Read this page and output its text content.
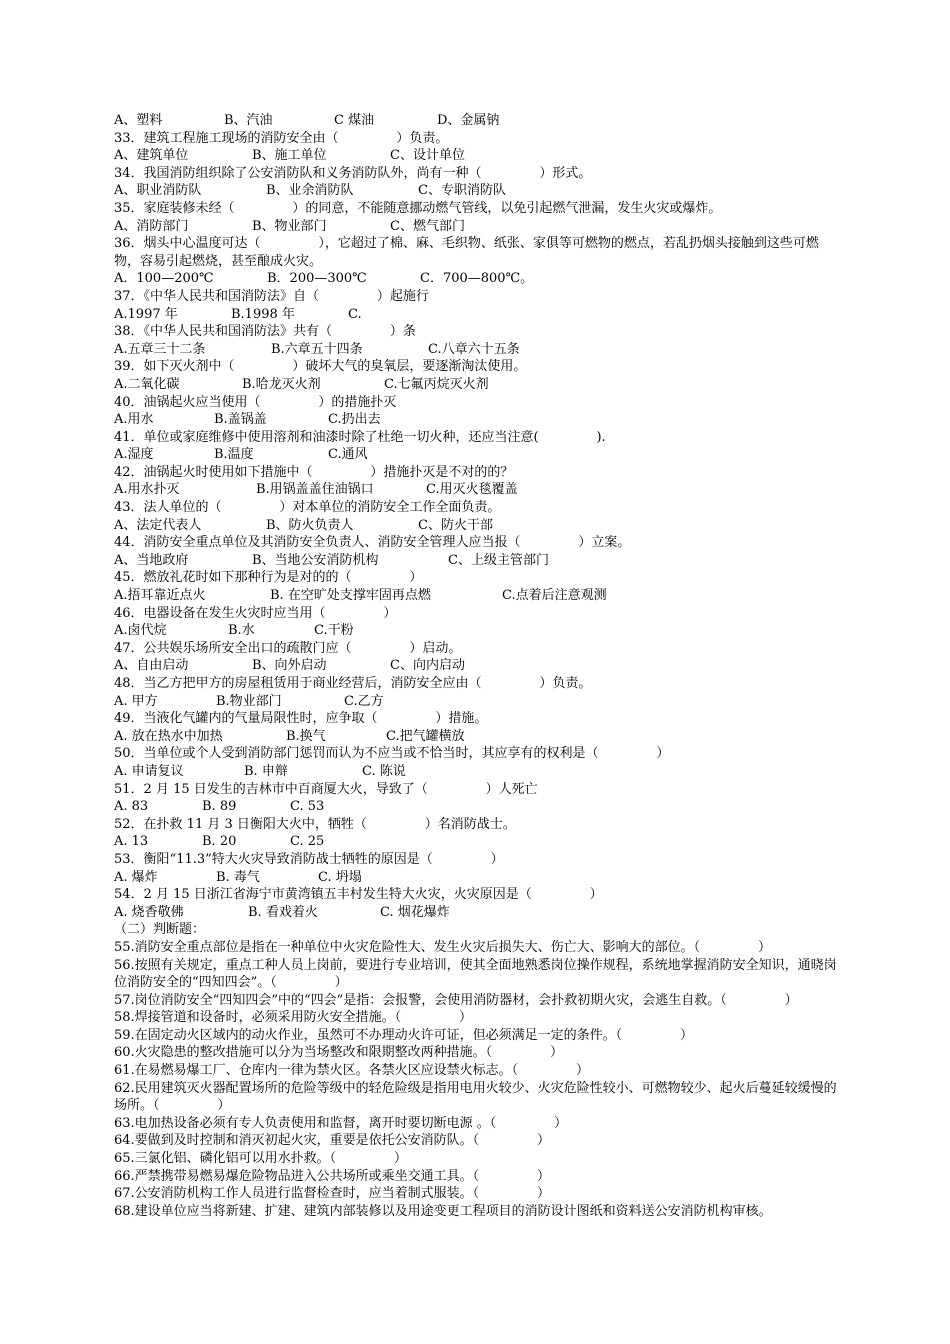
A、塑料	B、汽油	C 煤油	D、金属钠
33．建筑工程施工现场的消防安全由（              ）负责。
A、建筑单位	B、施工单位	C、设计单位
34．我国消防组织除了公安消防队和义务消防队外，尚有一种（              ）形式。
A、职业消防队	B、业余消防队	C、专职消防队
35．家庭装修未经（              ）的同意，不能随意挪动燃气管线，以免引起燃气泄漏，发生火灾或爆炸。
A、消防部门	B、物业部门	C、燃气部门
36．烟头中心温度可达（              ），它超过了棉、麻、毛织物、纸张、家俱等可燃物的燃点，若乱扔烟头接触到这些可燃物，容易引起燃烧，甚至酿成火灾。
A．100—200℃	B．200—300℃	C．700—800℃。
37．《中华人民共和国消防法》自（              ）起施行
A.1997 年	B.1998 年	C.
38．《中华人民共和国消防法》共有（              ）条
A.五章三十二条	B.六章五十四条	C.八章六十五条
39．如下灭火剂中（              ）破坏大气的臭氧层，要逐渐淘汰使用。
A.二氧化碳	B.哈龙灭火剂	C.七氟丙烷灭火剂
40．油锅起火应当使用（              ）的措施扑灭
A.用水	B.盖锅盖	C.扔出去
41．单位或家庭维修中使用溶剂和油漆时除了杜绝一切火种，还应当注意(              ).
A.湿度	B.温度	C.通风
42．油锅起火时使用如下措施中（              ）措施扑灭是不对的的？
A.用水扑灭	B.用锅盖盖住油锅口	C.用灭火毯覆盖
43．法人单位的（              ）对本单位的消防安全工作全面负责。
A、法定代表人	B、防火负责人	C、防火干部
44．消防安全重点单位及其消防安全负责人、消防安全管理人应当报（              ）立案。
A、当地政府	B、当地公安消防机构	C、上级主管部门
45．燃放礼花时如下那种行为是对的的（              ）
A.捂耳靠近点火	B. 在空旷处支撑牢固再点燃	C.点着后注意观测
46．电器设备在发生火灾时应当用（              ）
A.卤代烷	B.水	C.干粉
47．公共娱乐场所安全出口的疏散门应（              ）启动。
A、自由启动	B、向外启动	C、向内启动
48．当乙方把甲方的房屋租赁用于商业经营后，消防安全应由（              ）负责。
A. 甲方	B.物业部门	C.乙方
49．当液化气罐内的气量局限性时，应争取（              ）措施。
A. 放在热水中加热	B.换气	C.把气罐横放
50．当单位或个人受到消防部门惩罚而认为不应当或不恰当时，其应享有的权利是（              ）
A. 申请复议	B. 申辩	C. 陈说
51．2 月 15 日发生的吉林市中百商厦大火，导致了（              ）人死亡
A. 83	B. 89	C. 53
52．在扑救 11 月 3 日衡阳大火中，牺牲（              ）名消防战士。
A. 13	B. 20	C. 25
53．衡阳“11.3”特大火灾导致消防战士牺牲的原因是（              ）
A. 爆炸	B. 毒气	C. 坍塌
54．2 月 15 日浙江省海宁市黄湾镇五丰村发生特大火灾，火灾原因是（              ）
A. 烧香敬佛	B. 看戏着火	C. 烟花爆炸
（二）判断题：
55.消防安全重点部位是指在一种单位中火灾危险性大、发生火灾后损失大、伤亡大、影响大的部位。（              ）
56.按照有关规定，重点工种人员上岗前，要进行专业培训，使其全面地熟悉岗位操作规程，系统地掌握消防安全知识，通晓岗位消防安全的“四知四会”。（              ）
57.岗位消防安全“四知四会”中的“四会”是指：会报警，会使用消防器材，会扑救初期火灾，会逃生自救。（              ）
58.焊接管道和设备时，必须采用防火安全措施。（              ）
59.在固定动火区域内的动火作业，虽然可不办理动火许可证，但必须满足一定的条件。（              ）
60.火灾隐患的整改措施可以分为当场整改和限期整改两种措施。（              ）
61.在易燃易爆工厂、仓库内一律为禁火区。各禁火区应设禁火标志。（              ）
62.民用建筑灭火器配置场所的危险等级中的轻危险级是指用电用火较少、火灾危险性较小、可燃物较少、起火后蔓延较缓慢的场所。（              ）
63.电加热设备必须有专人负责使用和监督，离开时要切断电源 。（              ）
64.要做到及时控制和消灭初起火灾，重要是依托公安消防队。（              ）
65.三氯化铝、磷化铝可以用水扑救。（              ）
66.严禁携带易燃易爆危险物品进入公共场所或乘坐交通工具。（              ）
67.公安消防机构工作人员进行监督检查时，应当着制式服装。（              ）
68.建设单位应当将新建、扩建、建筑内部装修以及用途变更工程项目的消防设计图纸和资料送公安消防机构审核。
